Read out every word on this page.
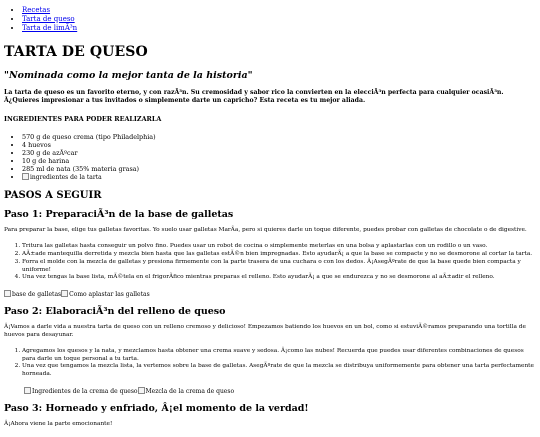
• Recetas
• Tarta de queso
• Tarta de limÃ³n
TARTA DE QUESO
"Nominada como la mejor tanta de la historia"
La tarta de queso es un favorito eterno, y con razÃ³n. Su cremosidad y sabor rico la convierten en la elecciÃ³n perfecta para cualquier ocasiÃ³n. Â¿Quieres impresionar a tus invitados o simplemente darte un capricho? Esta receta es tu mejor aliada.
INGREDIENTES PARA PODER REALIZARLA
• 570 g de queso crema (tipo Philadelphia)
• 4 huevos
• 230 g de azÃºcar
• 10 g de harina
• 285 ml de nata (35% materia grasa)
• ingredientes de la tarta
PASOS A SEGUIR
Paso 1: PreparaciÃ³n de la base de galletas

Para preparar la base, elige tus galletas favoritas. Yo suelo usar galletas MarÃa, pero si quieres darle un toque diferente, puedes probar con galletas de chocolate o de digestive.

1. Tritura las galletas hasta conseguir un polvo fino. Puedes usar un robot de cocina o simplemente meterlas en una bolsa y aplastarlas con un rodillo o un vaso.
2. AÃ±ade mantequilla derretida y mezcla bien hasta que las galletas estÃ©n bien impregnadas. Esto ayudarÃ¡ a que la base se compacte y no se desmorone al cortar la tarta.
3. Forra el molde con la mezcla de galletas y presiona firmemente con la parte trasera de una cuchara o con los dedos. Â¡AsegÃºrate de que la base quede bien compacta y uniforme!
4. Una vez tengas la base lista, mÃ©tela en el frigorÃfico mientras preparas el relleno. Esto ayudarÃ¡ a que se endurezca y no se desmorone al aÃ±adir el relleno.
base de galletas Como aplastar las galletas
Paso 2: ElaboraciÃ³n del relleno de queso

Â¡Vamos a darle vida a nuestra tarta de queso con un relleno cremoso y delicioso! Empezamos batiendo los huevos en un bol, como si estuviÃ©ramos preparando una tortilla de huevos para desayunar.

1. Agregamos los quesos y la nata, y mezclamos hasta obtener una crema suave y sedosa. Â¡como las nubes! Recuerda que puedes usar diferentes combinaciones de quesos para darle un toque personal a tu tarta.
2. Una vez que tengamos la mezcla lista, la vertemos sobre la base de galletas. AsegÃºrate de que la mezcla se distribuya uniformemente para obtener una tarta perfectamente horneada.
Ingredientes de la crema de queso Mezcla de la crema de queso
Paso 3: Horneado y enfriado, Â¡el momento de la verdad!

Â¡Ahora viene la parte emocionante!
